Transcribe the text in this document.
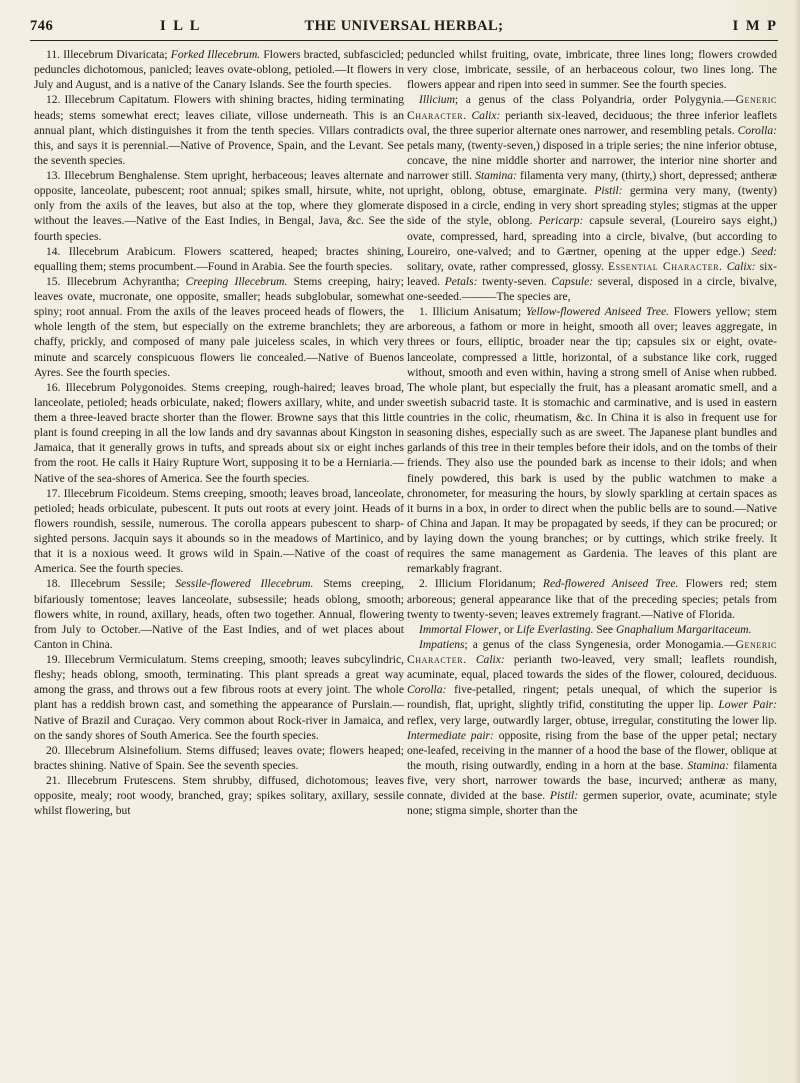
746	I L L	THE UNIVERSAL HERBAL;	I M P

11. Illecebrum Divaricata; Forked Illecebrum. Flowers bracted, subfascicled; peduncles dichotomous, panicled; leaves ovate-oblong, petioled.—It flowers in July and August, and is a native of the Canary Islands. See the fourth species.

12. Illecebrum Capitatum. Flowers with shining bractes, hiding terminating heads; stems somewhat erect; leaves ciliate, villose underneath. This is an annual plant, which distinguishes it from the tenth species. Villars contradicts this, and says it is perennial.—Native of Provence, Spain, and the Levant. See the seventh species.

13. Illecebrum Benghalense. Stem upright, herbaceous; leaves alternate and opposite, lanceolate, pubescent; root annual; spikes small, hirsute, white, not only from the axils of the leaves, but also at the top, where they glomerate without the leaves.—Native of the East Indies, in Bengal, Java, &c. See the fourth species.

14. Illecebrum Arabicum. Flowers scattered, heaped; bractes shining, equalling them; stems procumbent.—Found in Arabia. See the fourth species.

15. Illecebrum Achyrantha; Creeping Illecebrum. Stems creeping, hairy; leaves ovate, mucronate, one opposite, smaller; heads subglobular, somewhat spiny; root annual. From the axils of the leaves proceed heads of flowers, the whole length of the stem, but especially on the extreme branchlets; they are chaffy, prickly, and composed of many pale juiceless scales, in which very minute and scarcely conspicuous flowers lie concealed.—Native of Buenos Ayres. See the fourth species.

16. Illecebrum Polygonoides. Stems creeping, rough-haired; leaves broad, lanceolate, petioled; heads orbiculate, naked; flowers axillary, white, and under them a three-leaved bracte shorter than the flower. Browne says that this little plant is found creeping in all the low lands and dry savannas about Kingston in Jamaica, that it generally grows in tufts, and spreads about six or eight inches from the root. He calls it Hairy Rupture Wort, supposing it to be a Herniaria.—Native of the sea-shores of America. See the fourth species.

17. Illecebrum Ficoideum. Stems creeping, smooth; leaves broad, lanceolate, petioled; heads orbiculate, pubescent. It puts out roots at every joint. Heads of flowers roundish, sessile, numerous. The corolla appears pubescent to sharp-sighted persons. Jacquin says it abounds so in the meadows of Martinico, and that it is a noxious weed. It grows wild in Spain.—Native of the coast of America. See the fourth species.

18. Illecebrum Sessile; Sessile-flowered Illecebrum. Stems creeping, bifariously tomentose; leaves lanceolate, subsessile; heads oblong, smooth; flowers white, in round, axillary, heads, often two together. Annual, flowering from July to October.—Native of the East Indies, and of wet places about Canton in China.

19. Illecebrum Vermiculatum. Stems creeping, smooth; leaves subcylindric, fleshy; heads oblong, smooth, terminating. This plant spreads a great way among the grass, and throws out a few fibrous roots at every joint. The whole plant has a reddish brown cast, and something the appearance of Purslain.—Native of Brazil and Curaçao. Very common about Rock-river in Jamaica, and on the sandy shores of South America. See the fourth species.

20. Illecebrum Alsinefolium. Stems diffused; leaves ovate; flowers heaped; bractes shining. Native of Spain. See the seventh species.

21. Illecebrum Frutescens. Stem shrubby, diffused, dichotomous; leaves opposite, mealy; root woody, branched, gray; spikes solitary, axillary, sessile whilst flowering, but

peduncled whilst fruiting, ovate, imbricate, three lines long; flowers crowded very close, imbricate, sessile, of an herbaceous colour, two lines long. The flowers appear and ripen into seed in summer. See the fourth species.

Illicium; a genus of the class Polyandria, order Polygynia.—Generic Character. Calix: perianth six-leaved, deciduous; the three inferior leaflets oval, the three superior alternate ones narrower, and resembling petals. Corolla: petals many, (twenty-seven,) disposed in a triple series; the nine inferior obtuse, concave, the nine middle shorter and narrower, the interior nine shorter and narrower still. Stamina: filamenta very many, (thirty,) short, depressed; antheræ upright, oblong, obtuse, emarginate. Pistil: germina very many, (twenty) disposed in a circle, ending in very short spreading styles; stigmas at the upper side of the style, oblong. Pericarp: capsule several, (Loureiro says eight,) ovate, compressed, hard, spreading into a circle, bivalve, (but according to Loureiro, one-valved; and to Gærtner, opening at the upper edge.) Seed: solitary, ovate, rather compressed, glossy. Essential Character. Calix: six-leaved. Petals: twenty-seven. Capsule: several, disposed in a circle, bivalve, one-seeded.———The species are,

1. Illicium Anisatum; Yellow-flowered Aniseed Tree. Flowers yellow; stem arboreous, a fathom or more in height, smooth all over; leaves aggregate, in threes or fours, elliptic, broader near the tip; capsules six or eight, ovate-lanceolate, compressed a little, horizontal, of a substance like cork, rugged without, smooth and even within, having a strong smell of Anise when rubbed. The whole plant, but especially the fruit, has a pleasant aromatic smell, and a sweetish subacrid taste. It is stomachic and carminative, and is used in eastern countries in the colic, rheumatism, &c. In China it is also in frequent use for seasoning dishes, especially such as are sweet. The Japanese plant bundles and garlands of this tree in their temples before their idols, and on the tombs of their friends. They also use the pounded bark as incense to their idols; and when finely powdered, this bark is used by the public watchmen to make a chronometer, for measuring the hours, by slowly sparkling at certain spaces as it burns in a box, in order to direct when the public bells are to sound.—Native of China and Japan. It may be propagated by seeds, if they can be procured; or by laying down the young branches; or by cuttings, which strike freely. It requires the same management as Gardenia. The leaves of this plant are remarkably fragrant.

2. Illicium Floridanum; Red-flowered Aniseed Tree. Flowers red; stem arboreous; general appearance like that of the preceding species; petals from twenty to twenty-seven; leaves extremely fragrant.—Native of Florida.

Immortal Flower, or Life Everlasting. See Gnaphalium Margaritaceum.

Impatiens; a genus of the class Syngenesia, order Monogamia.—Generic Character. Calix: perianth two-leaved, very small; leaflets roundish, acuminate, equal, placed towards the sides of the flower, coloured, deciduous. Corolla: five-petalled, ringent; petals unequal, of which the superior is roundish, flat, upright, slightly trifid, constituting the upper lip. Lower Pair: reflex, very large, outwardly larger, obtuse, irregular, constituting the lower lip. Intermediate pair: opposite, rising from the base of the upper petal; nectary one-leafed, receiving in the manner of a hood the base of the flower, oblique at the mouth, rising outwardly, ending in a horn at the base. Stamina: filamenta five, very short, narrower towards the base, incurved; antheræ as many, connate, divided at the base. Pistil: germen superior, ovate, acuminate; style none; stigma simple, shorter than the
